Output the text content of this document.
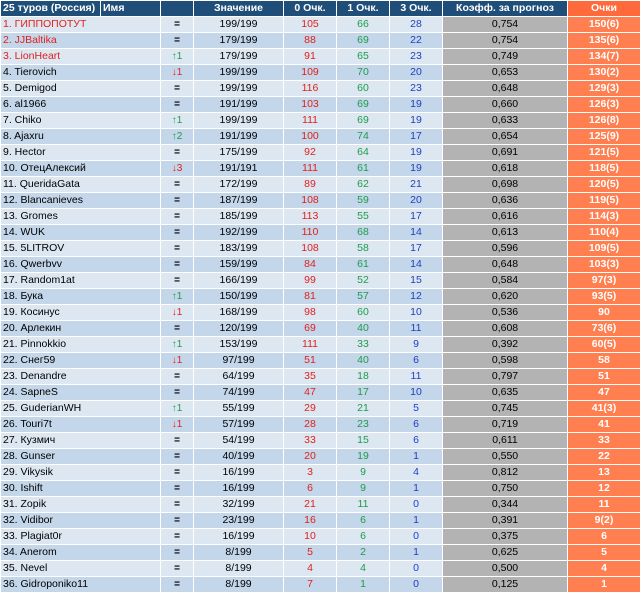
25 туров (Россия)	Имя		Значение	0 Очк.	1 Очк.	3 Очк.	Коэфф. за прогноз	Очки
1. ГИППОПОТУТ		=	199/199	105	66	28	0,754	150(6)
2. JJBaltika		=	179/199	88	69	22	0,754	135(6)
3. LionHeart		↑1	179/199	91	65	23	0,749	134(7)
4. Tierovich		↓1	199/199	109	70	20	0,653	130(2)
5. Demigod		=	199/199	116	60	23	0,648	129(3)
6. al1966		=	191/199	103	69	19	0,660	126(3)
7. Chiko		↑1	199/199	111	69	19	0,633	126(8)
8. Ajaxru		↑2	191/199	100	74	17	0,654	125(9)
9. Hector		=	175/199	92	64	19	0,691	121(5)
10. ОтецАлексий		↓3	191/191	111	61	19	0,618	118(5)
11. QueridaGata		=	172/199	89	62	21	0,698	120(5)
12. Blancanieves		=	187/199	108	59	20	0,636	119(5)
13. Gromes		=	185/199	113	55	17	0,616	114(3)
14. WUK		=	192/199	110	68	14	0,613	110(4)
15. 5LITROV		=	183/199	108	58	17	0,596	109(5)
16. Qwerbvv		=	159/199	84	61	14	0,648	103(3)
17. Random1at		=	166/199	99	52	15	0,584	97(3)
18. Бука		↑1	150/199	81	57	12	0,620	93(5)
19. Косинус		↓1	168/199	98	60	10	0,536	90
20. Арлекин		=	120/199	69	40	11	0,608	73(6)
21. Pinnokkio		↑1	153/199	111	33	9	0,392	60(5)
22. Cнег59		↓1	97/199	51	40	6	0,598	58
23. Denandre		=	64/199	35	18	11	0,797	51
24. SapneS		=	74/199	47	17	10	0,635	47
25. GuderianWH		↑1	55/199	29	21	5	0,745	41(3)
26. Touri7t		↓1	57/199	28	23	6	0,719	41
27. Кузмич		=	54/199	33	15	6	0,611	33
28. Gunser		=	40/199	20	19	1	0,550	22
29. Vikysik		=	16/199	3	9	4	0,812	13
30. Ishift		=	16/199	6	9	1	0,750	12
31. Zopik		=	32/199	21	11	0	0,344	11
32. Vidibor		=	23/199	16	6	1	0,391	9(2)
33. Plagiat0r		=	16/199	10	6	0	0,375	6
34. Anerom		=	8/199	5	2	1	0,625	5
35. Nevel		=	8/199	4	4	0	0,500	4
36. Gidroponiko11		=	8/199	7	1	0	0,125	1
